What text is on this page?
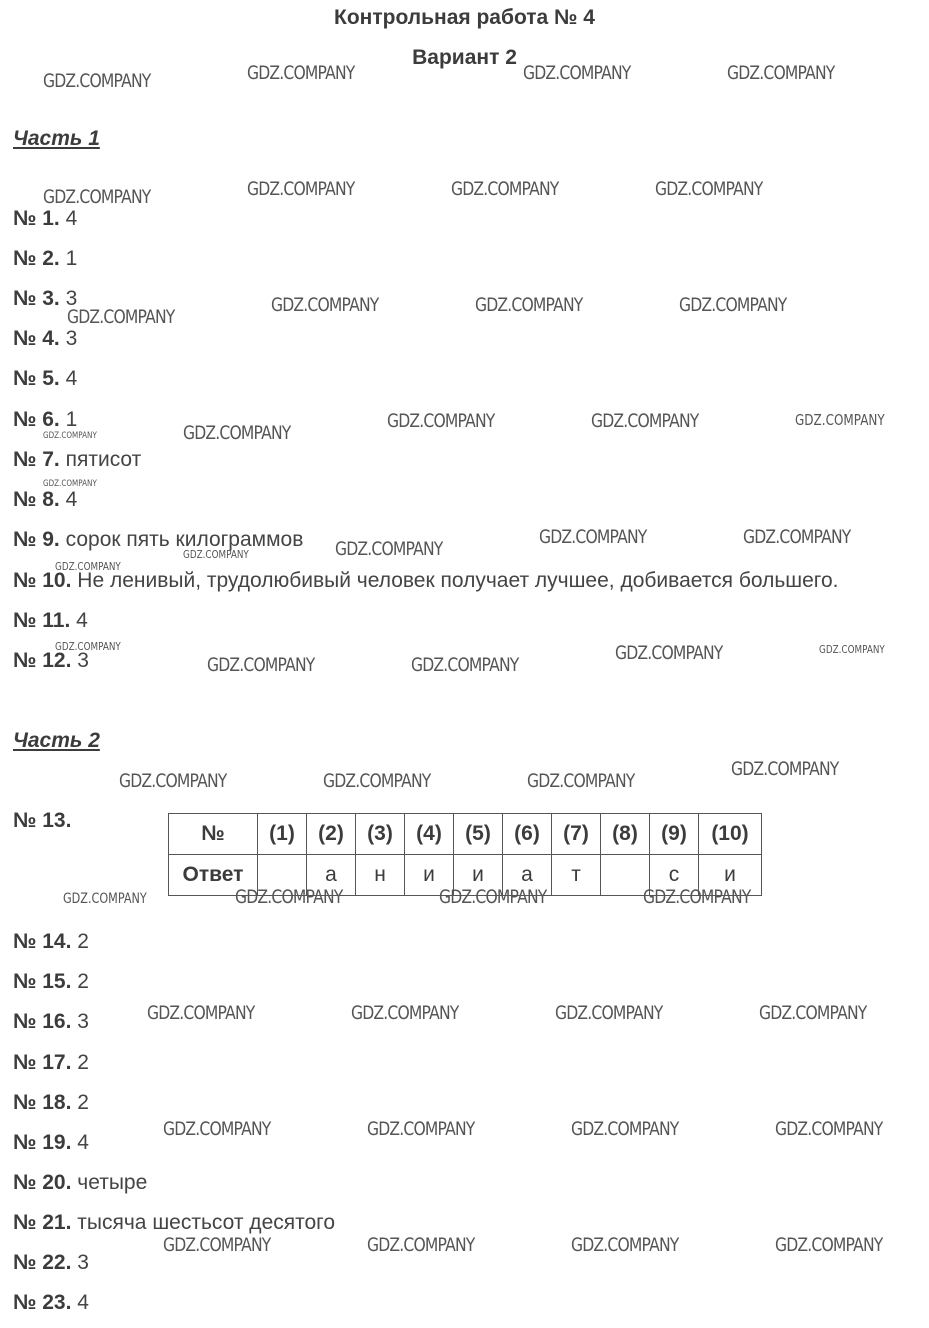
Контрольная работа № 4
Вариант 2
Часть 1
№ 1. 4
№ 2. 1
№ 3. 3
№ 4. 3
№ 5. 4
№ 6. 1
№ 7. пятисот
№ 8. 4
№ 9. сорок пять килограммов
№ 10. Не ленивый, трудолюбивый человек получает лучшее, добивается большего.
№ 11. 4
№ 12. 3
Часть 2
№ 13.
№	(1)	(2)	(3)	(4)	(5)	(6)	(7)	(8)	(9)	(10)
Ответ		а	н	и	и	а	т		с	и
№ 14. 2
№ 15. 2
№ 16. 3
№ 17. 2
№ 18. 2
№ 19. 4
№ 20. четыре
№ 21. тысяча шестьсот десятого
№ 22. 3
№ 23. 4
GDZ.COMPANY	GDZ.COMPANY	GDZ.COMPANY	GDZ.COMPANY
GDZ.COMPANY	GDZ.COMPANY	GDZ.COMPANY	GDZ.COMPANY
GDZ.COMPANY
GDZ.COMPANY	GDZ.COMPANY	GDZ.COMPANY
GDZ.COMPANY
GDZ.COMPANY	GDZ.COMPANY	GDZ.COMPANY
GDZ.COMPANY
GDZ.COMPANY
GDZ.COMPANY	GDZ.COMPANY
GDZ.COMPANY	GDZ.COMPANY
GDZ.COMPANY
GDZ.COMPANY
GDZ.COMPANY	GDZ.COMPANY
GDZ.COMPANY	GDZ.COMPANY
GDZ.COMPANY	GDZ.COMPANY	GDZ.COMPANY
GDZ.COMPANY
GDZ.COMPANY	GDZ.COMPANY	GDZ.COMPANY	GDZ.COMPANY
GDZ.COMPANY	GDZ.COMPANY	GDZ.COMPANY	GDZ.COMPANY
GDZ.COMPANY	GDZ.COMPANY	GDZ.COMPANY	GDZ.COMPANY
GDZ.COMPANY	GDZ.COMPANY	GDZ.COMPANY	GDZ.COMPANY
